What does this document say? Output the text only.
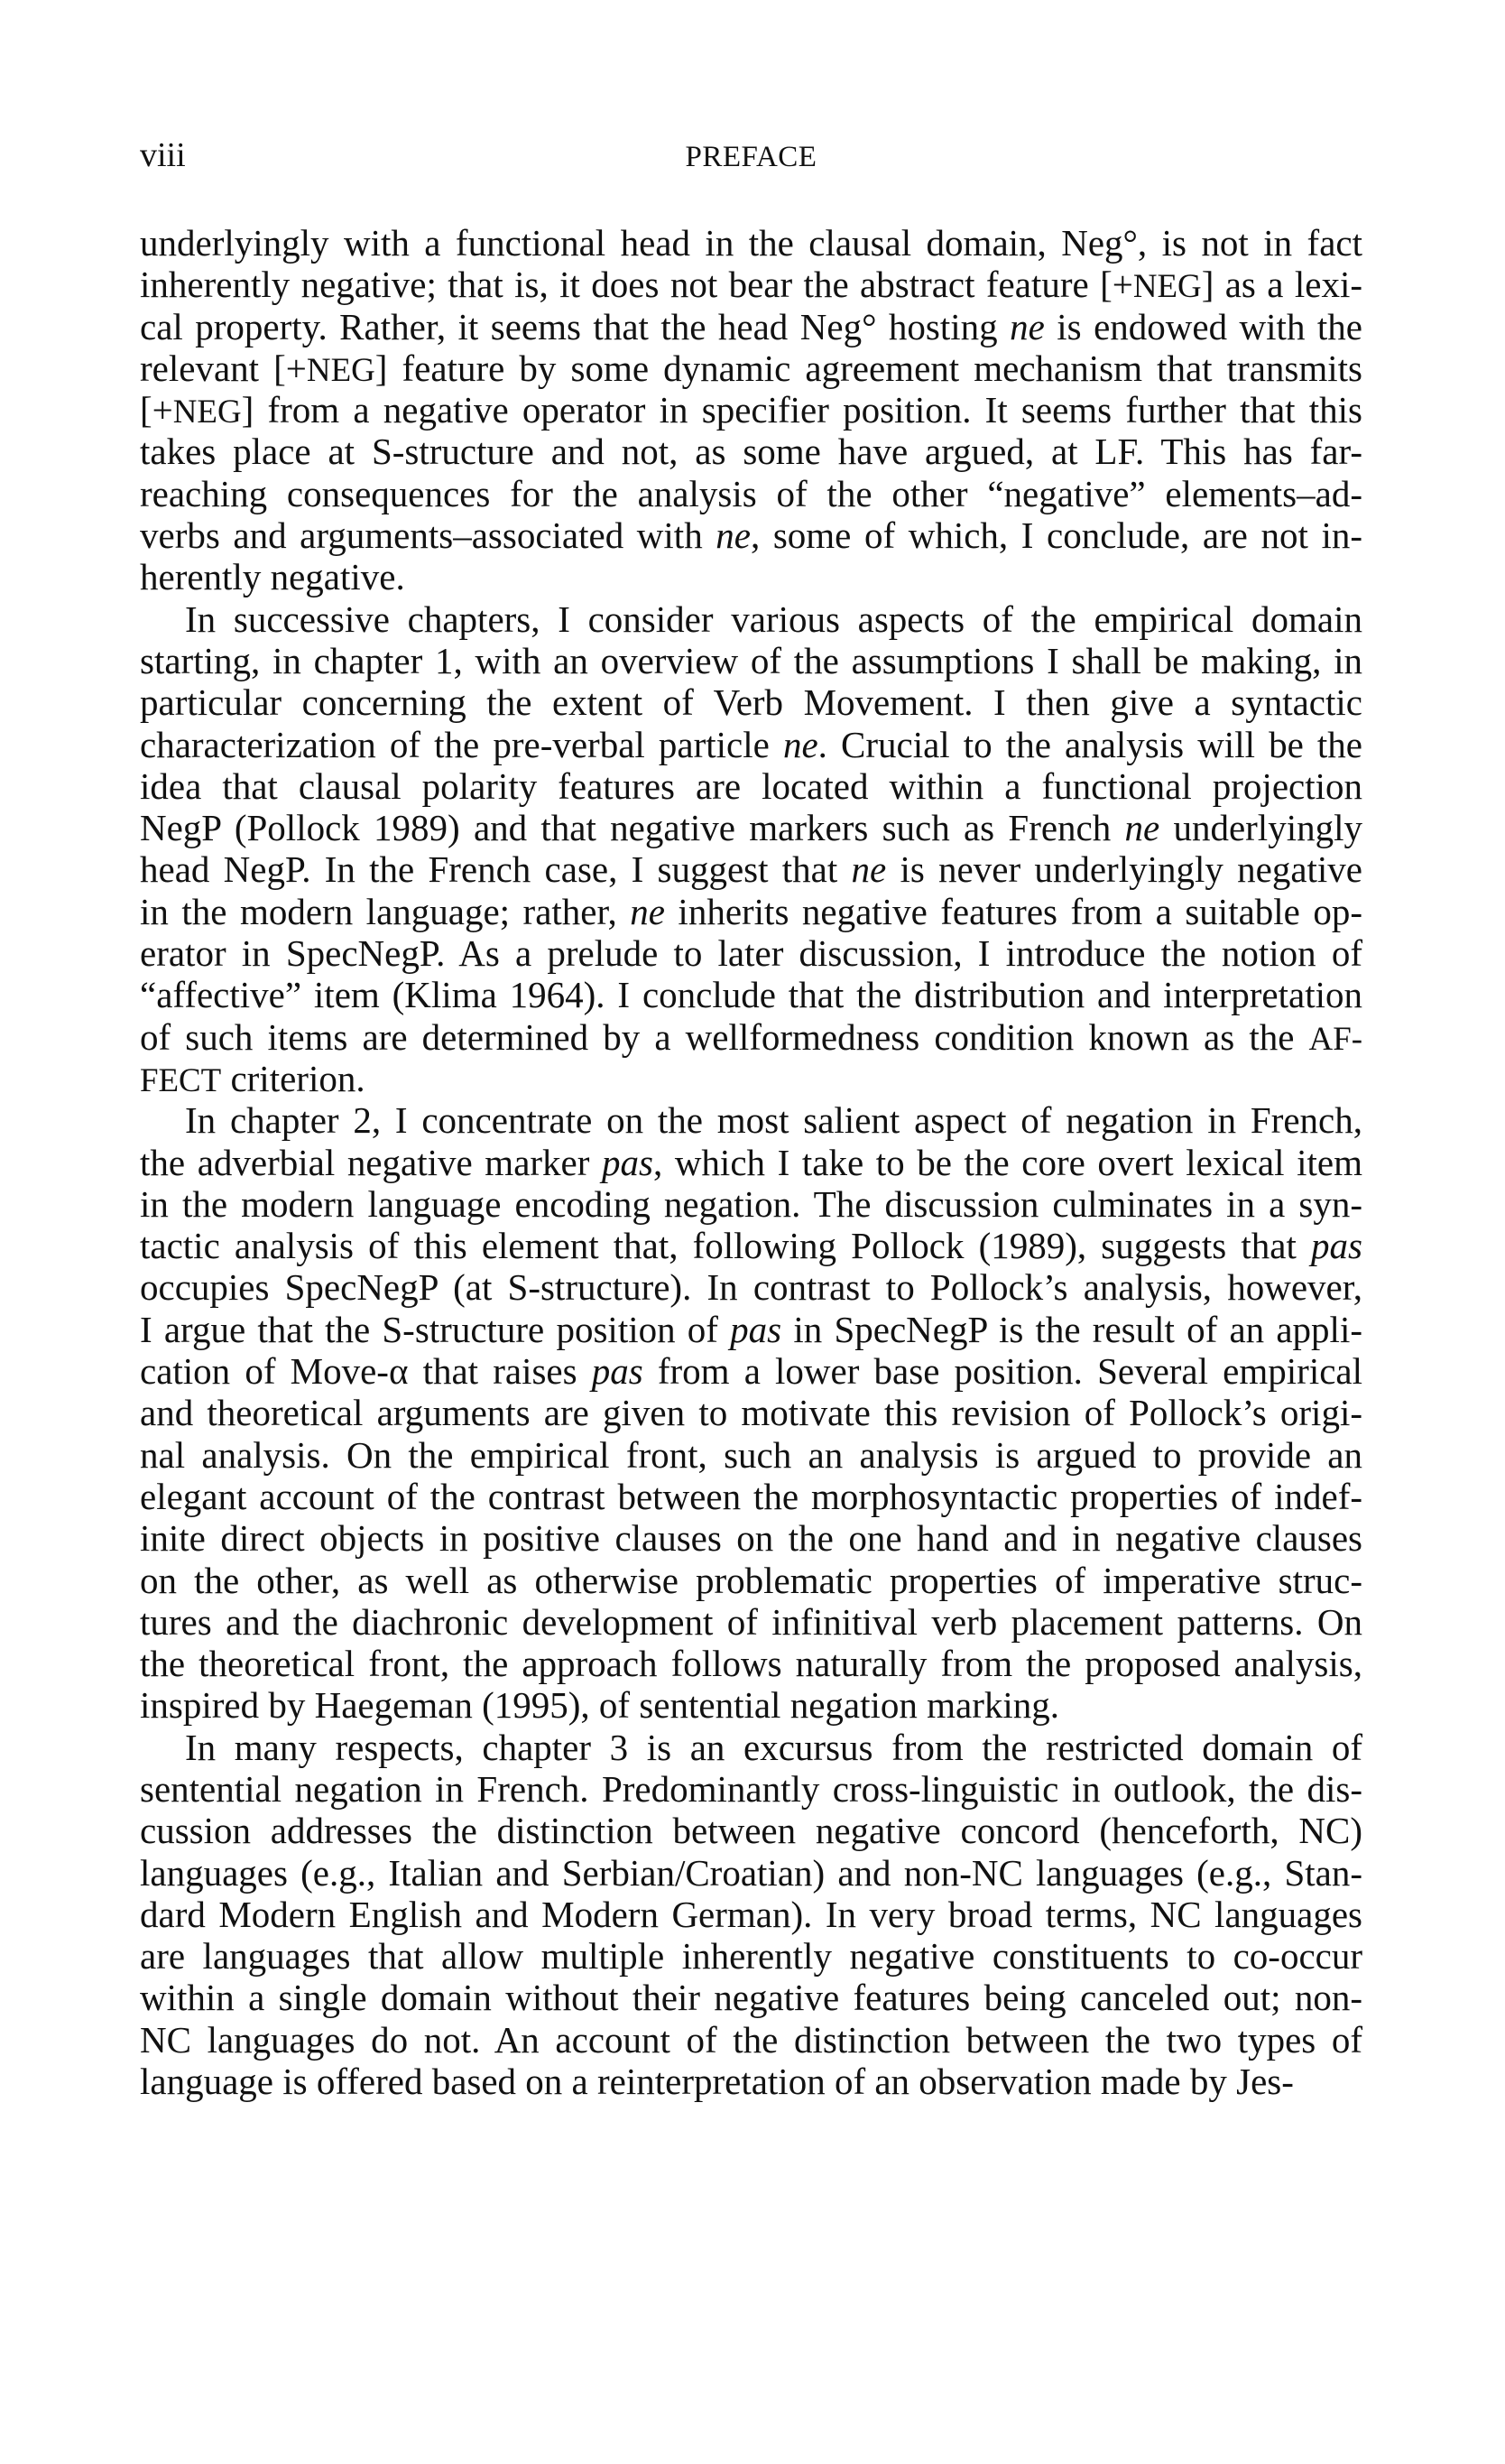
viii	PREFACE
underlyingly with a functional head in the clausal domain, Neg°, is not in fact
inherently negative; that is, it does not bear the abstract feature [+NEG] as a lexi-
cal property. Rather, it seems that the head Neg° hosting ne is endowed with the
relevant [+NEG] feature by some dynamic agreement mechanism that transmits
[+NEG] from a negative operator in specifier position. It seems further that this
takes place at S-structure and not, as some have argued, at LF. This has far-
reaching consequences for the analysis of the other “negative” elements–ad-
verbs and arguments–associated with ne, some of which, I conclude, are not in-
herently negative.
In successive chapters, I consider various aspects of the empirical domain
starting, in chapter 1, with an overview of the assumptions I shall be making, in
particular concerning the extent of Verb Movement. I then give a syntactic
characterization of the pre-verbal particle ne. Crucial to the analysis will be the
idea that clausal polarity features are located within a functional projection
NegP (Pollock 1989) and that negative markers such as French ne underlyingly
head NegP. In the French case, I suggest that ne is never underlyingly negative
in the modern language; rather, ne inherits negative features from a suitable op-
erator in SpecNegP. As a prelude to later discussion, I introduce the notion of
“affective” item (Klima 1964). I conclude that the distribution and interpretation
of such items are determined by a wellformedness condition known as the AF-
FECT criterion.
In chapter 2, I concentrate on the most salient aspect of negation in French,
the adverbial negative marker pas, which I take to be the core overt lexical item
in the modern language encoding negation. The discussion culminates in a syn-
tactic analysis of this element that, following Pollock (1989), suggests that pas
occupies SpecNegP (at S-structure). In contrast to Pollock’s analysis, however,
I argue that the S-structure position of pas in SpecNegP is the result of an appli-
cation of Move-α that raises pas from a lower base position. Several empirical
and theoretical arguments are given to motivate this revision of Pollock’s origi-
nal analysis. On the empirical front, such an analysis is argued to provide an
elegant account of the contrast between the morphosyntactic properties of indef-
inite direct objects in positive clauses on the one hand and in negative clauses
on the other, as well as otherwise problematic properties of imperative struc-
tures and the diachronic development of infinitival verb placement patterns. On
the theoretical front, the approach follows naturally from the proposed analysis,
inspired by Haegeman (1995), of sentential negation marking.
In many respects, chapter 3 is an excursus from the restricted domain of
sentential negation in French. Predominantly cross-linguistic in outlook, the dis-
cussion addresses the distinction between negative concord (henceforth, NC)
languages (e.g., Italian and Serbian/Croatian) and non-NC languages (e.g., Stan-
dard Modern English and Modern German). In very broad terms, NC languages
are languages that allow multiple inherently negative constituents to co-occur
within a single domain without their negative features being canceled out; non-
NC languages do not. An account of the distinction between the two types of
language is offered based on a reinterpretation of an observation made by Jes-
